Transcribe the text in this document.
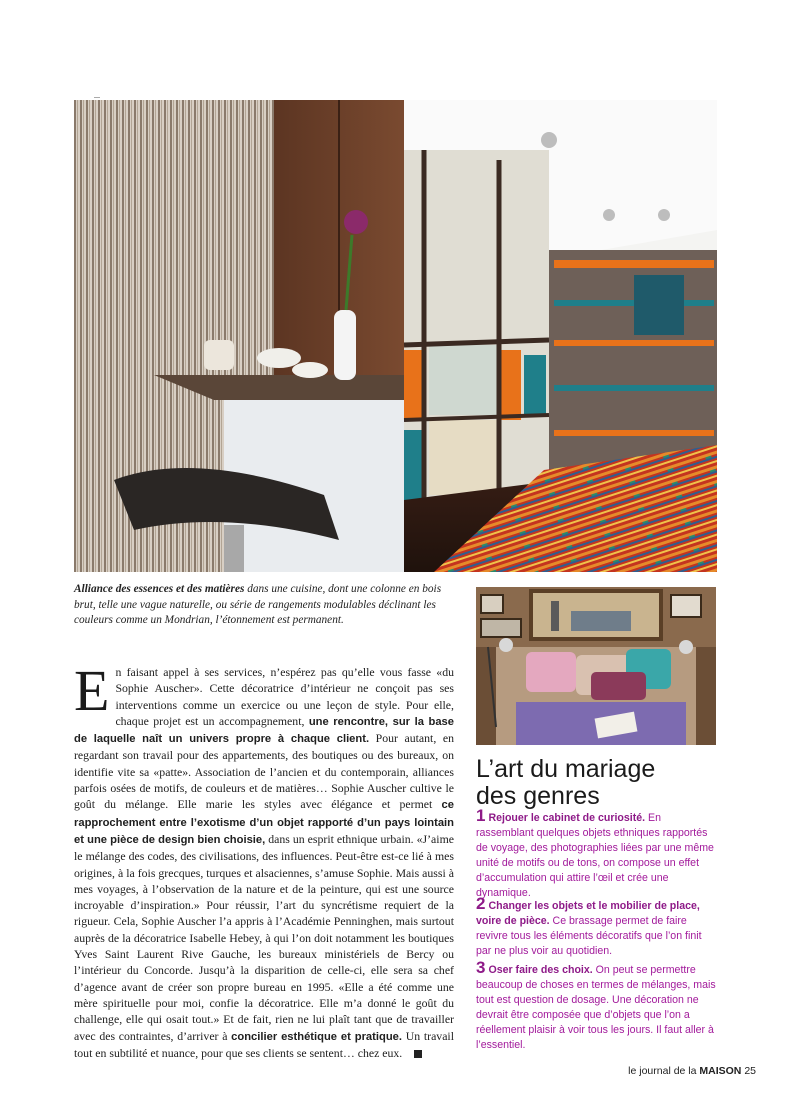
Alliance des essences et des matières dans une cuisine, dont une colonne en bois brut, telle une vague naturelle, ou série de rangements modulables déclinant les couleurs comme un Mondrian, l’étonnement est permanent.

En faisant appel à ses services, n’espérez pas qu’elle vous fasse «du Sophie Auscher». Cette décoratrice d’intérieur ne conçoit pas ses interventions comme un exercice ou une leçon de style. Pour elle, chaque projet est un accompagnement, une rencontre, sur la base de laquelle naît un univers propre à chaque client. Pour autant, en regardant son travail pour des appartements, des boutiques ou des bureaux, on identifie vite sa «patte». Association de l’ancien et du contemporain, alliances parfois osées de motifs, de couleurs et de matières… Sophie Auscher cultive le goût du mélange. Elle marie les styles avec élégance et permet ce rapprochement entre l’exotisme d’un objet rapporté d’un pays lointain et une pièce de design bien choisie, dans un esprit ethnique urbain. «J’aime le mélange des codes, des civilisations, des influences. Peut-être est-ce lié à mes origines, à la fois grecques, turques et alsaciennes, s’amuse Sophie. Mais aussi à mes voyages, à l’observation de la nature et de la peinture, qui est une source incroyable d’inspiration.» Pour réussir, l’art du syncrétisme requiert de la rigueur. Cela, Sophie Auscher l’a appris à l’Académie Penninghen, mais surtout auprès de la décoratrice Isabelle Hebey, à qui l’on doit notamment les boutiques Yves Saint Laurent Rive Gauche, les bureaux ministériels de Bercy ou l’intérieur du Concorde. Jusqu’à la disparition de celle-ci, elle sera sa chef d’agence avant de créer son propre bureau en 1995. «Elle a été comme une mère spirituelle pour moi, confie la décoratrice. Elle m’a donné le goût du challenge, elle qui osait tout.» Et de fait, rien ne lui plaît tant que de travailler avec des contraintes, d’arriver à concilier esthétique et pratique. Un travail tout en subtilité et nuance, pour que ses clients se sentent… chez eux.

L’art du mariage
des genres
1 Rejouer le cabinet de curiosité. En rassemblant quelques objets ethniques rapportés de voyage, des photographies liées par une même unité de motifs ou de tons, on compose un effet d’accumulation qui attire l’œil et crée une dynamique.
2 Changer les objets et le mobilier de place, voire de pièce. Ce brassage permet de faire revivre tous les éléments décoratifs que l’on finit par ne plus voir au quotidien.
3 Oser faire des choix. On peut se permettre beaucoup de choses en termes de mélanges, mais tout est question de dosage. Une décoration ne devrait être composée que d’objets que l’on a réellement plaisir à voir tous les jours. Il faut aller à l’essentiel.
le journal de la MAISON 25
